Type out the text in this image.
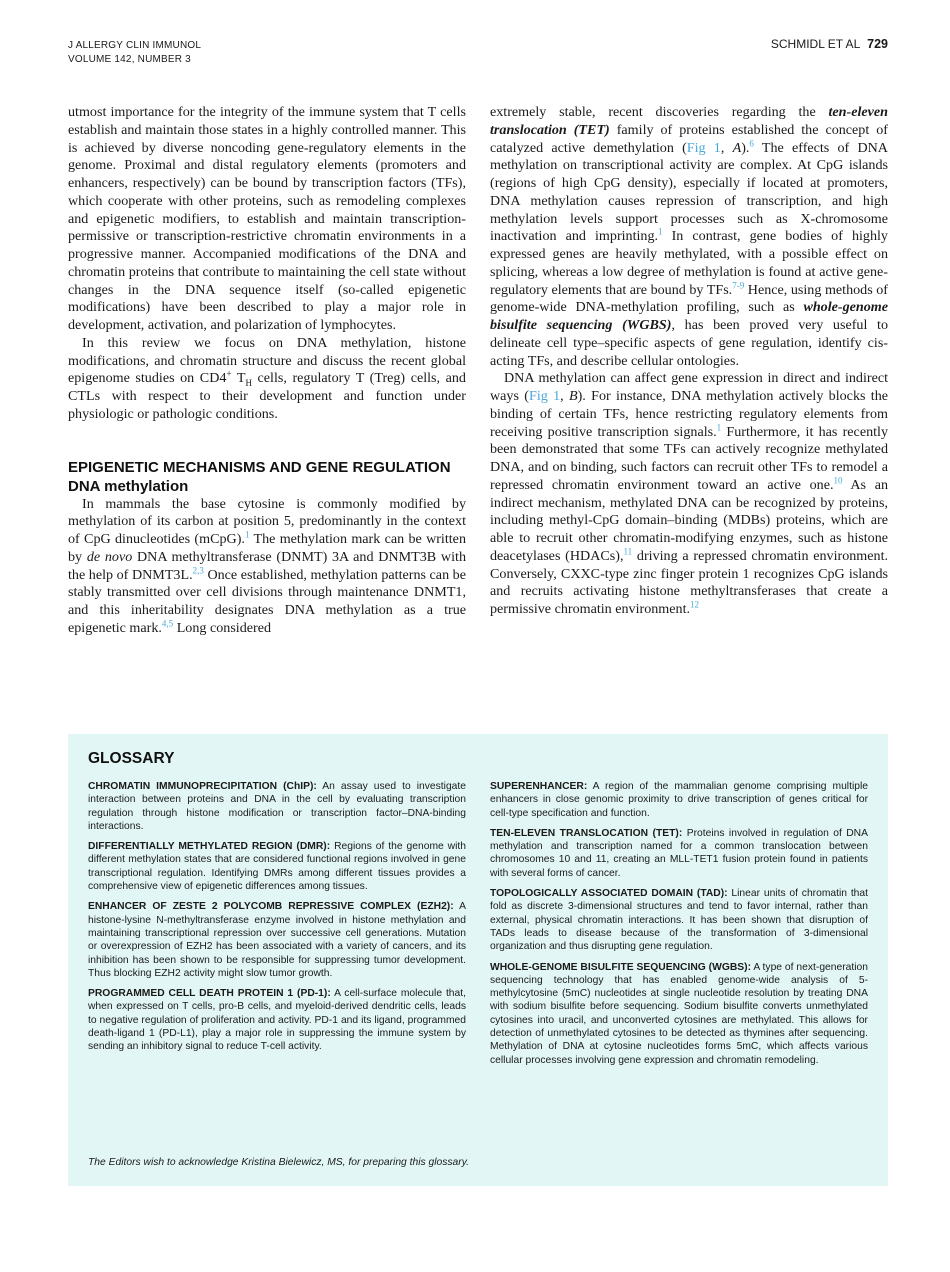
J ALLERGY CLIN IMMUNOL
VOLUME 142, NUMBER 3
SCHMIDL ET AL 729

utmost importance for the integrity of the immune system that T cells establish and maintain those states in a highly controlled manner. This is achieved by diverse noncoding gene-regulatory elements in the genome. Proximal and distal regulatory elements (promoters and enhancers, respectively) can be bound by transcription factors (TFs), which cooperate with other proteins, such as remodeling complexes and epigenetic modifiers, to establish and maintain transcription-permissive or transcription-restrictive chromatin environments in a progressive manner. Accompanied modifications of the DNA and chromatin proteins that contribute to maintaining the cell state without changes in the DNA sequence itself (so-called epigenetic modifications) have been described to play a major role in development, activation, and polarization of lymphocytes.

In this review we focus on DNA methylation, histone modifications, and chromatin structure and discuss the recent global epigenome studies on CD4+ $T_H$ cells, regulatory T (Treg) cells, and CTLs with respect to their development and function under physiologic or pathologic conditions.

EPIGENETIC MECHANISMS AND GENE REGULATION
DNA methylation

In mammals the base cytosine is commonly modified by methylation of its carbon at position 5, predominantly in the context of CpG dinucleotides (mCpG).$^1$ The methylation mark can be written by de novo DNA methyltransferase (DNMT) 3A and DNMT3B with the help of DNMT3L.$^{2,3}$ Once established, methylation patterns can be stably transmitted over cell divisions through maintenance DNMT1, and this inheritability designates DNA methylation as a true epigenetic mark.$^{4,5}$ Long considered

extremely stable, recent discoveries regarding the ten-eleven translocation (TET) family of proteins established the concept of catalyzed active demethylation (Fig 1, A).$^6$ The effects of DNA methylation on transcriptional activity are complex. At CpG islands (regions of high CpG density), especially if located at promoters, DNA methylation causes repression of transcription, and high methylation levels support processes such as X-chromosome inactivation and imprinting.$^1$ In contrast, gene bodies of highly expressed genes are heavily methylated, with a possible effect on splicing, whereas a low degree of methylation is found at active gene-regulatory elements that are bound by TFs.$^{7-9}$ Hence, using methods of genome-wide DNA-methylation profiling, such as whole-genome bisulfite sequencing (WGBS), has been proved very useful to delineate cell type–specific aspects of gene regulation, identify cis-acting TFs, and describe cellular ontologies.

DNA methylation can affect gene expression in direct and indirect ways (Fig 1, B). For instance, DNA methylation actively blocks the binding of certain TFs, hence restricting regulatory elements from receiving positive transcription signals.$^1$ Furthermore, it has recently been demonstrated that some TFs can actively recognize methylated DNA, and on binding, such factors can recruit other TFs to remodel a repressed chromatin environment toward an active one.$^{10}$ As an indirect mechanism, methylated DNA can be recognized by proteins, including methyl-CpG domain–binding (MDBs) proteins, which are able to recruit other chromatin-modifying enzymes, such as histone deacetylases (HDACs),$^{11}$ driving a repressed chromatin environment. Conversely, CXXC-type zinc finger protein 1 recognizes CpG islands and recruits activating histone methyltransferases that create a permissive chromatin environment.$^{12}$

GLOSSARY

CHROMATIN IMMUNOPRECIPITATION (ChIP): An assay used to investigate interaction between proteins and DNA in the cell by evaluating transcription regulation through histone modification or transcription factor–DNA-binding interactions.

DIFFERENTIALLY METHYLATED REGION (DMR): Regions of the genome with different methylation states that are considered functional regions involved in gene transcriptional regulation. Identifying DMRs among different tissues provides a comprehensive view of epigenetic differences among tissues.

ENHANCER OF ZESTE 2 POLYCOMB REPRESSIVE COMPLEX (EZH2): A histone-lysine N-methyltransferase enzyme involved in histone methylation and maintaining transcriptional repression over successive cell generations. Mutation or overexpression of EZH2 has been associated with a variety of cancers, and its inhibition has been shown to be responsible for suppressing tumor development. Thus blocking EZH2 activity might slow tumor growth.

PROGRAMMED CELL DEATH PROTEIN 1 (PD-1): A cell-surface molecule that, when expressed on T cells, pro-B cells, and myeloid-derived dendritic cells, leads to negative regulation of proliferation and activity. PD-1 and its ligand, programmed death-ligand 1 (PD-L1), play a major role in suppressing the immune system by sending an inhibitory signal to reduce T-cell activity.

SUPERENHANCER: A region of the mammalian genome comprising multiple enhancers in close genomic proximity to drive transcription of genes critical for cell-type specification and function.

TEN-ELEVEN TRANSLOCATION (TET): Proteins involved in regulation of DNA methylation and transcription named for a common translocation between chromosomes 10 and 11, creating an MLL-TET1 fusion protein found in patients with several forms of cancer.

TOPOLOGICALLY ASSOCIATED DOMAIN (TAD): Linear units of chromatin that fold as discrete 3-dimensional structures and tend to favor internal, rather than external, physical chromatin interactions. It has been shown that disruption of TADs leads to disease because of the transformation of 3-dimensional organization and thus disrupting gene regulation.

WHOLE-GENOME BISULFITE SEQUENCING (WGBS): A type of next-generation sequencing technology that has enabled genome-wide analysis of 5-methylcytosine (5mC) nucleotides at single nucleotide resolution by treating DNA with sodium bisulfite before sequencing. Sodium bisulfite converts unmethylated cytosines into uracil, and unconverted cytosines are methylated. This allows for detection of unmethylated cytosines to be detected as thymines after sequencing. Methylation of DNA at cytosine nucleotides forms 5mC, which affects various cellular processes involving gene expression and chromatin remodeling.

The Editors wish to acknowledge Kristina Bielewicz, MS, for preparing this glossary.
